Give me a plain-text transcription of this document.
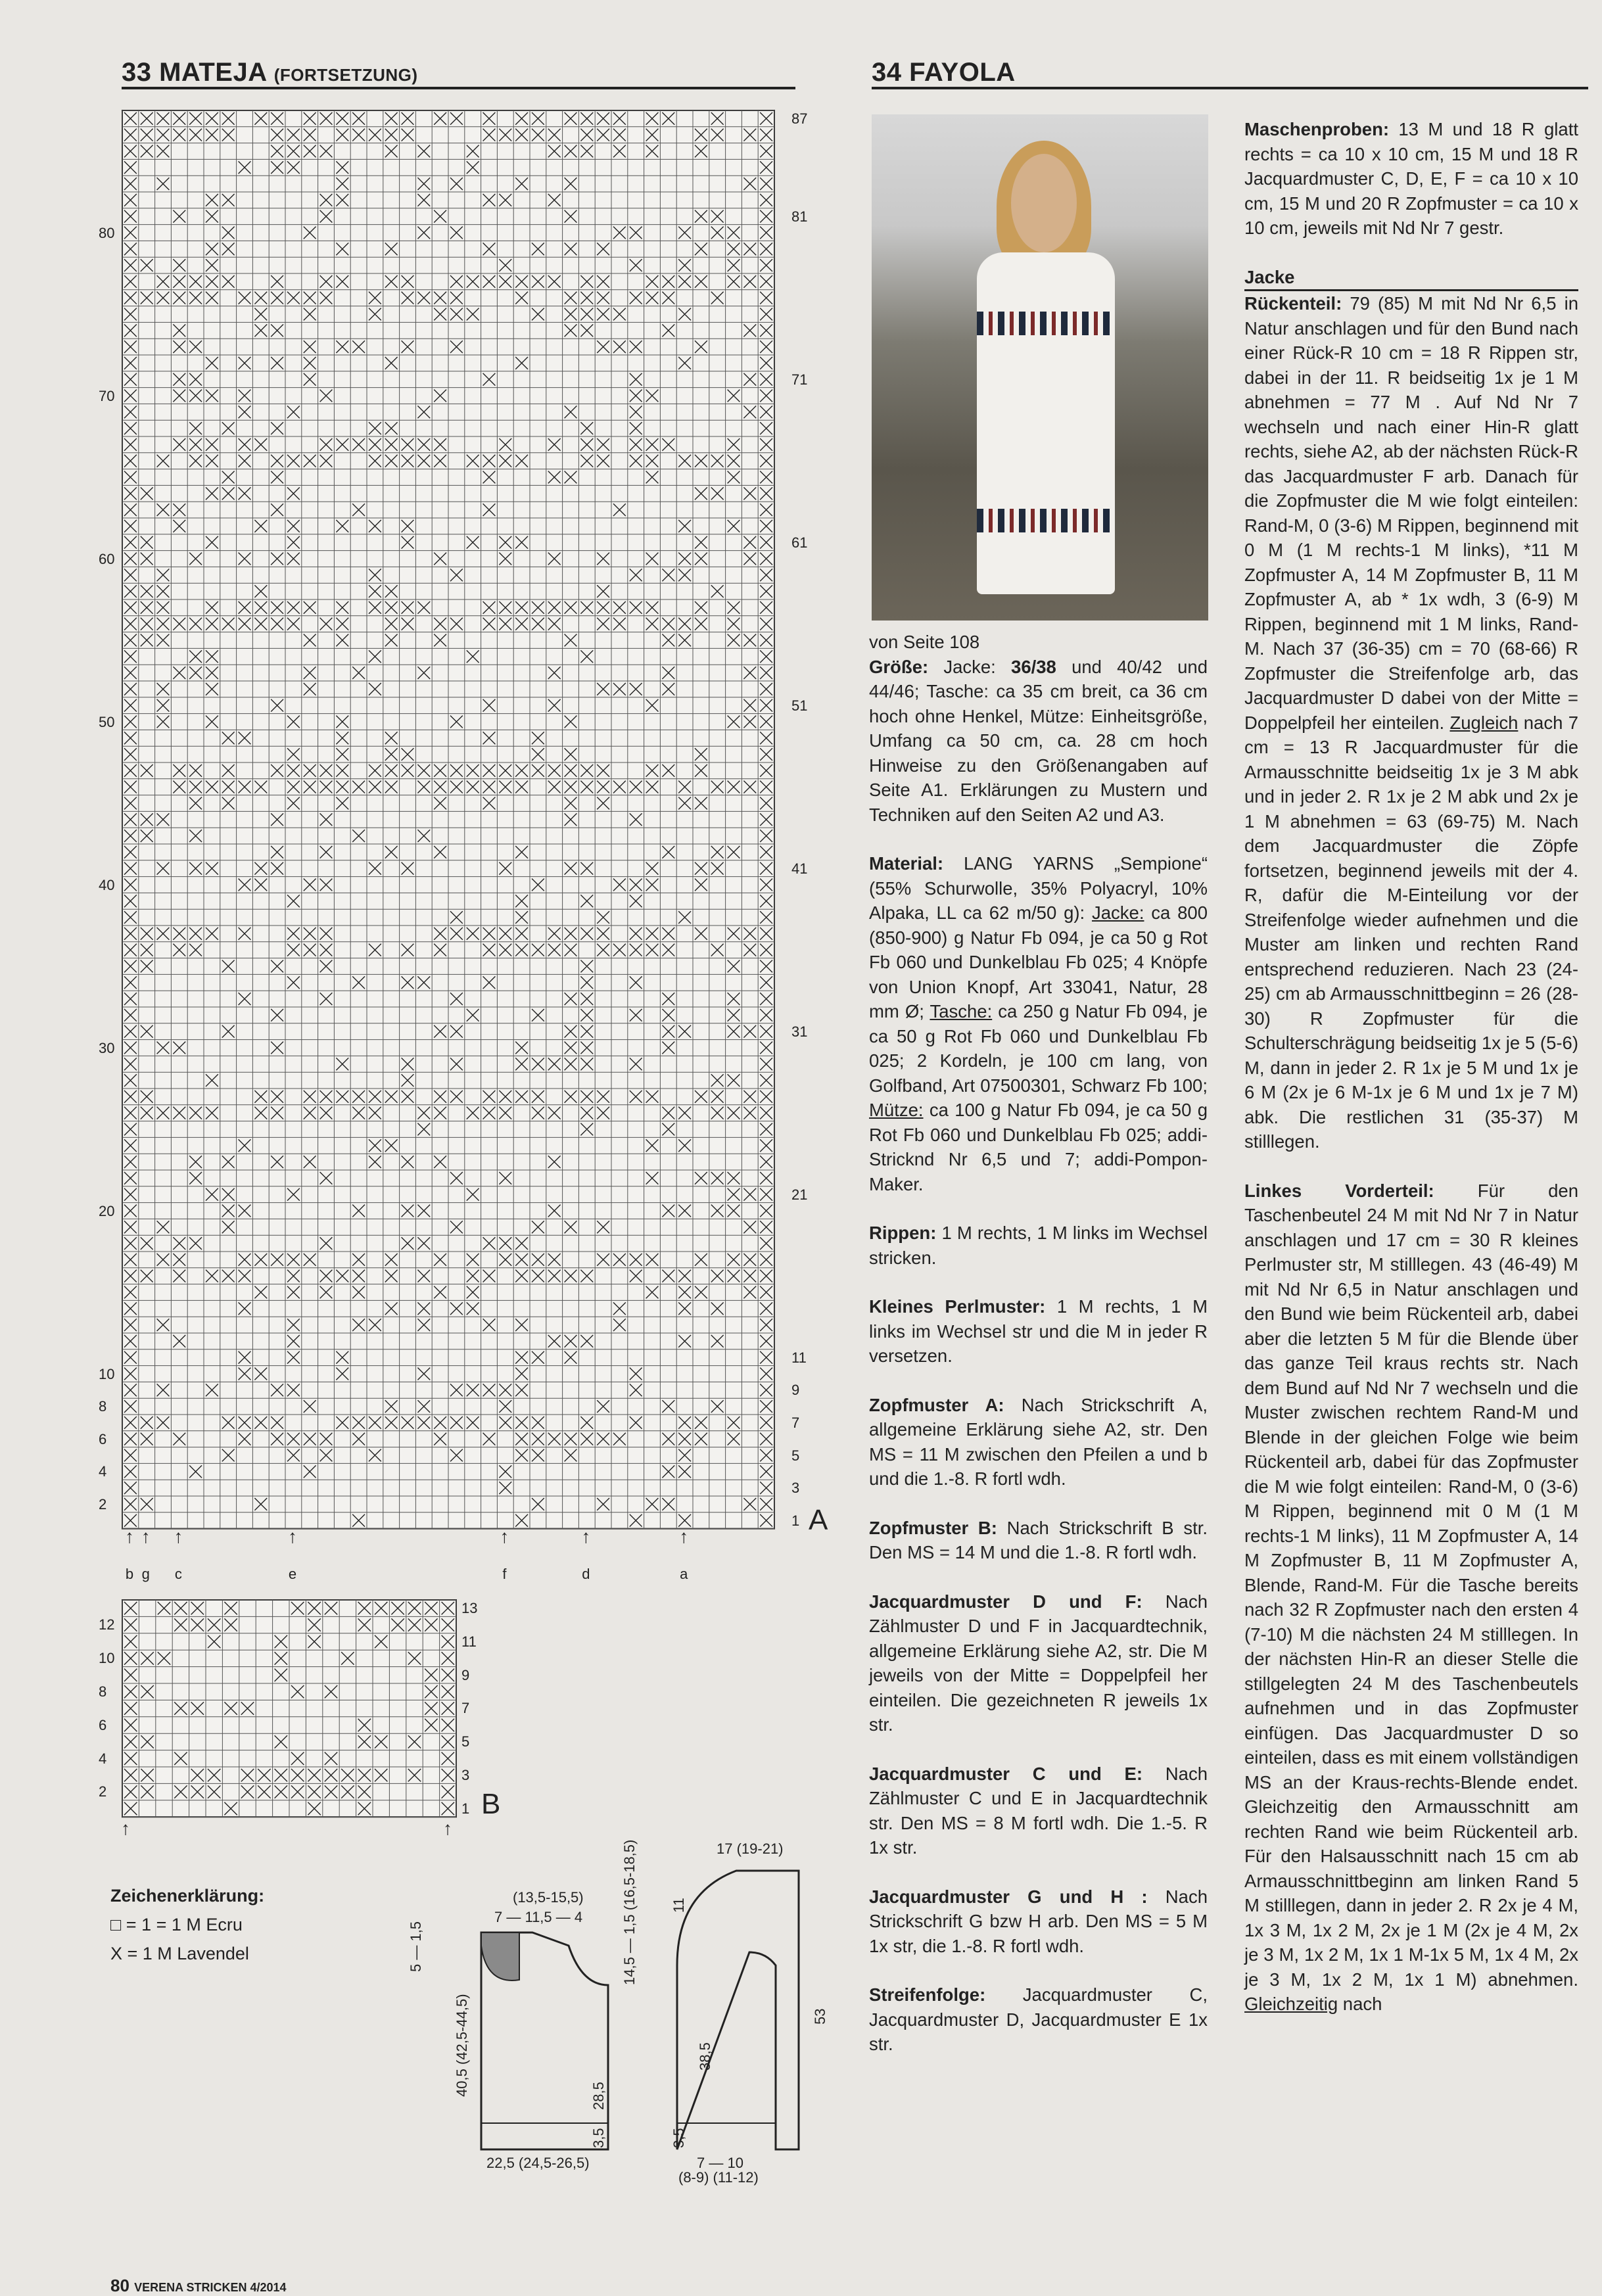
33 MATEJA (FORTSETZUNG)	34 FAYOLA
87
81
71
61
51
41
31
21
11
9
7
5
3
1
80
70
60
50
40
30
20
10
8
6
4
2
↑
b
↑
g
↑
c
↑
e
↑
f
↑
d
↑
a
A
13
11
9
7
5
3
1
12
10
8
6
4
2
↑	↑
B
Zeichenerklärung:
□ = 1 = 1 M Ecru
X = 1 M Lavendel
(13,5-15,5)
7 — 11,5 — 4
5 — 1,5
40,5 (42,5-44,5)	28,5
3,5
22,5 (24,5-26,5)
14,5 — 1,5 (16,5-18,5)	17 (19-21)
11
53
38,5
3,5
7 — 10
(8-9) (11-12)

von Seite 108
Größe: Jacke: 36/38 und 40/42 und 44/46; Tasche: ca 35 cm breit, ca 36 cm hoch ohne Henkel, Mütze: Einheitsgröße, Umfang ca 50 cm, ca. 28 cm hoch Hinweise zu den Größenangaben auf Seite A1. Erklärungen zu Mustern und Techniken auf den Seiten A2 und A3.

Material: LANG YARNS „Sempione“ (55% Schurwolle, 35% Polyacryl, 10% Alpaka, LL ca 62 m/50 g): Jacke: ca 800 (850-900) g Natur Fb 094, je ca 50 g Rot Fb 060 und Dunkelblau Fb 025; 4 Knöpfe von Union Knopf, Art 33041, Natur, 28 mm Ø; Tasche: ca 250 g Natur Fb 094, je ca 50 g Rot Fb 060 und Dunkelblau Fb 025; 2 Kordeln, je 100 cm lang, von Golfband, Art 07500301, Schwarz Fb 100; Mütze: ca 100 g Natur Fb 094, je ca 50 g Rot Fb 060 und Dunkelblau Fb 025; addi-Stricknd Nr 6,5 und 7; addi-Pompon-Maker.

Rippen: 1 M rechts, 1 M links im Wechsel stricken.

Kleines Perlmuster: 1 M rechts, 1 M links im Wechsel str und die M in jeder R versetzen.

Zopfmuster A: Nach Strickschrift A, allgemeine Erklärung siehe A2, str. Den MS = 11 M zwischen den Pfeilen a und b und die 1.-8. R fortl wdh.

Zopfmuster B: Nach Strickschrift B str. Den MS = 14 M und die 1.-8. R fortl wdh.

Jacquardmuster D und F: Nach Zählmuster D und F in Jacquardtechnik, allgemeine Erklärung siehe A2, str. Die M jeweils von der Mitte = Doppelpfeil her einteilen. Die gezeichneten R jeweils 1x str.

Jacquardmuster C und E: Nach Zählmuster C und E in Jacquardtechnik str. Den MS = 8 M fortl wdh. Die 1.-5. R 1x str.

Jacquardmuster G und H : Nach Strickschrift G bzw H arb. Den MS = 5 M 1x str, die 1.-8. R fortl wdh.

Streifenfolge: Jacquardmuster C, Jacquardmuster D, Jacquardmuster E 1x str.

Maschenproben: 13 M und 18 R glatt rechts = ca 10 x 10 cm, 15 M und 18 R Jacquardmuster C, D, E, F = ca 10 x 10 cm, 15 M und 20 R Zopfmuster = ca 10 x 10 cm, jeweils mit Nd Nr 7 gestr.

Jacke

Rückenteil: 79 (85) M mit Nd Nr 6,5 in Natur anschlagen und für den Bund nach einer Rück-R 10 cm = 18 R Rippen str, dabei in der 11. R beidseitig 1x je 1 M abnehmen = 77 M . Auf Nd Nr 7 wechseln und nach einer Hin-R glatt rechts, siehe A2, ab der nächsten Rück-R das Jacquardmuster F arb. Danach für die Zopfmuster die M wie folgt einteilen: Rand-M, 0 (3-6) M Rippen, beginnend mit 0 M (1 M rechts-1 M links), *11 M Zopfmuster A, 14 M Zopfmuster B, 11 M Zopfmuster A, ab * 1x wdh, 3 (6-9) M Rippen, beginnend mit 1 M links, Rand-M. Nach 37 (36-35) cm = 70 (68-66) R Zopfmuster die Streifenfolge arb, das Jacquardmuster D dabei von der Mitte = Doppelpfeil her einteilen. Zugleich nach 7 cm = 13 R Jacquardmuster für die Armausschnitte beidseitig 1x je 3 M abk und in jeder 2. R 1x je 2 M abk und 2x je 1 M abnehmen = 63 (69-75) M. Nach dem Jacquardmuster die Zöpfe fortsetzen, beginnend jeweils mit der 4. R, dafür die M-Einteilung vor der Streifenfolge wieder aufnehmen und die Muster am linken und rechten Rand entsprechend reduzieren. Nach 23 (24-25) cm ab Armausschnittbeginn = 26 (28-30) R Zopfmuster für die Schulterschrägung beidseitig 1x je 5 (5-6) M, dann in jeder 2. R 1x je 5 M und 1x je 6 M (2x je 6 M-1x je 6 M und 1x je 7 M) abk. Die restlichen 31 (35-37) M stilllegen.

Linkes Vorderteil: Für den Taschenbeutel 24 M mit Nd Nr 7 in Natur anschlagen und 17 cm = 30 R kleines Perlmuster str, M stilllegen. 43 (46-49) M mit Nd Nr 6,5 in Natur anschlagen und den Bund wie beim Rückenteil arb, dabei aber die letzten 5 M für die Blende über das ganze Teil kraus rechts str. Nach dem Bund auf Nd Nr 7 wechseln und die Muster zwischen rechtem Rand-M und Blende in der gleichen Folge wie beim Rückenteil arb, dabei für das Zopfmuster die M wie folgt einteilen: Rand-M, 0 (3-6) M Rippen, beginnend mit 0 M (1 M rechts-1 M links), 11 M Zopfmuster A, 14 M Zopfmuster B, 11 M Zopfmuster A, Blende, Rand-M. Für die Tasche bereits nach 32 R Zopfmuster nach den ersten 4 (7-10) M die nächsten 24 M stilllegen. In der nächsten Hin-R an dieser Stelle die stillgelegten 24 M des Taschenbeutels aufnehmen und in das Zopfmuster einfügen. Das Jacquardmuster D so einteilen, dass es mit einem vollständigen MS an der Kraus-rechts-Blende endet. Gleichzeitig den Armausschnitt am rechten Rand wie beim Rückenteil arb. Für den Halsausschnitt nach 15 cm ab Armausschnittbeginn am linken Rand 5 M stilllegen, dann in jeder 2. R 2x je 4 M, 1x 3 M, 1x 2 M, 2x je 1 M (2x je 4 M, 2x je 3 M, 1x 2 M, 1x 1 M-1x 5 M, 1x 4 M, 2x je 3 M, 1x 2 M, 1x 1 M) abnehmen. Gleichzeitig nach

80 VERENA STRICKEN 4/2014
